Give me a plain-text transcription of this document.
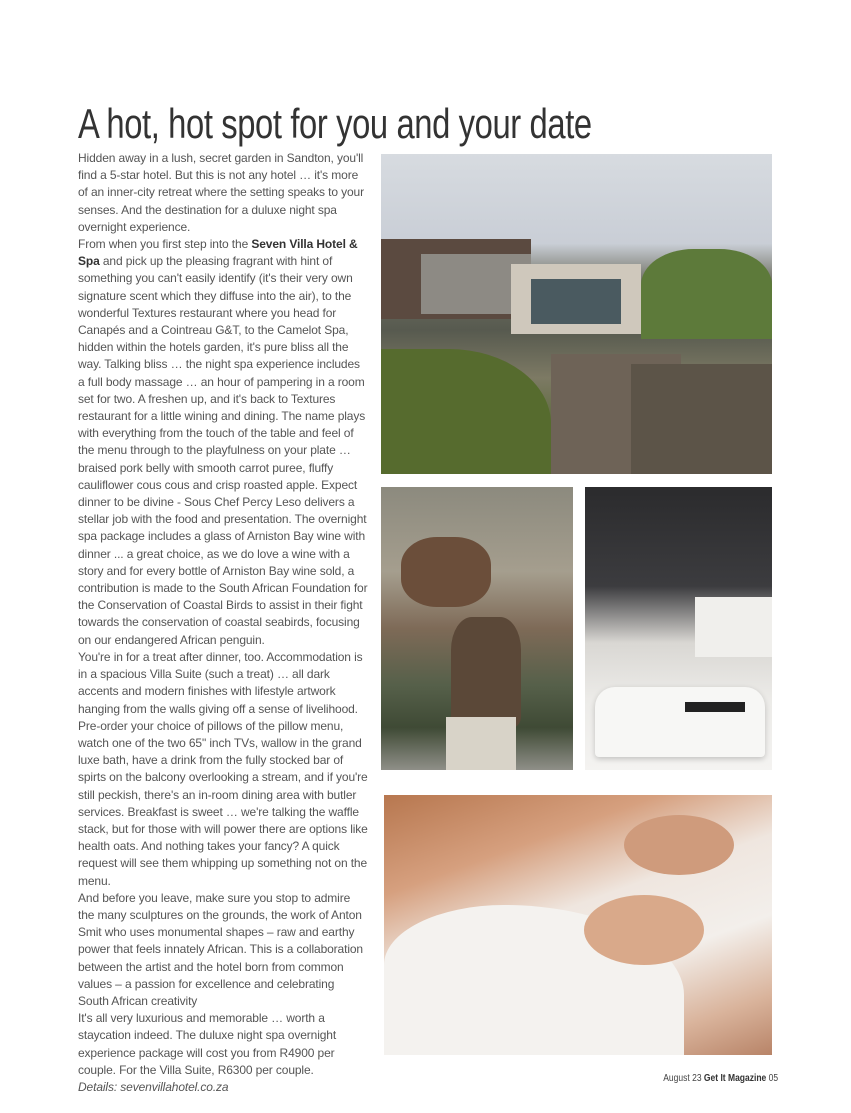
A hot, hot spot for you and your date

Hidden away in a lush, secret garden in Sandton, you'll find a 5-star hotel. But this is not any hotel … it's more of an inner-city retreat where the setting speaks to your senses. And the destination for a duluxe night spa overnight experience.

From when you first step into the Seven Villa Hotel & Spa and pick up the pleasing fragrant with hint of something you can't easily identify (it's their very own signature scent which they diffuse into the air), to the wonderful Textures restaurant where you head for Canapés and a Cointreau G&T, to the Camelot Spa, hidden within the hotels garden, it's pure bliss all the way. Talking bliss … the night spa experience includes a full body massage … an hour of pampering in a room set for two. A freshen up, and it's back to Textures restaurant for a little wining and dining. The name plays with everything from the touch of the table and feel of the menu through to the playfulness on your plate … braised pork belly with smooth carrot puree, fluffy cauliflower cous cous and crisp roasted apple. Expect dinner to be divine - Sous Chef Percy Leso delivers a stellar job with the food and presentation. The overnight spa package includes a glass of Arniston Bay wine with dinner ... a great choice, as we do love a wine with a story and for every bottle of Arniston Bay wine sold, a contribution is made to the South African Foundation for the Conservation of Coastal Birds to assist in their fight towards the conservation of coastal seabirds, focusing on our endangered African penguin.

You're in for a treat after dinner, too. Accommodation is in a spacious Villa Suite (such a treat) … all dark accents and modern finishes with lifestyle artwork hanging from the walls giving off a sense of livelihood. Pre-order your choice of pillows of the pillow menu, watch one of the two 65" inch TVs, wallow in the grand luxe bath, have a drink from the fully stocked bar of spirts on the balcony overlooking a stream, and if you're still peckish, there's an in-room dining area with butler services. Breakfast is sweet … we're talking the waffle stack, but for those with will power there are options like health oats. And nothing takes your fancy? A quick request will see them whipping up something not on the menu.

And before you leave, make sure you stop to admire the many sculptures on the grounds, the work of Anton Smit who uses monumental shapes – raw and earthy power that feels innately African. This is a collaboration between the artist and the hotel born from common values – a passion for excellence and celebrating South African creativity

It's all very luxurious and memorable … worth a staycation indeed. The duluxe night spa overnight experience package will cost you from R4900 per couple. For the Villa Suite, R6300 per couple.

Details: sevenvillahotel.co.za

August 23 Get It Magazine 05
